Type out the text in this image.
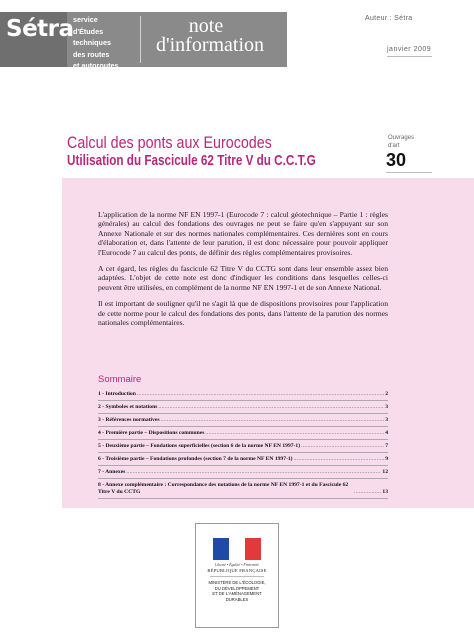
Sétra service d'Études
techniques
des routes
et autoroutes
note
d'information
Auteur : Sétra
janvier 2009
Ouvrages
d'art
30
Calcul des ponts aux Eurocodes
Utilisation du Fascicule 62 Titre V du C.C.T.G

L'application de la norme NF EN 1997-1 (Eurocode 7 : calcul géotechnique – Partie 1 : règles générales) au calcul des fondations des ouvrages ne peut se faire qu'en s'appuyant sur son Annexe Nationale et sur des normes nationales complémentaires. Ces dernières sont en cours d'élaboration et, dans l'attente de leur parution, il est donc nécessaire pour pouvoir appliquer l'Eurocode 7 au calcul des ponts, de définir des règles complémentaires provisoires.

A cet égard, les règles du fascicule 62 Titre V du CCTG sont dans leur ensemble assez bien adaptées. L'objet de cette note est donc d'indiquer les conditions dans lesquelles celles-ci peuvent être utilisées, en complément de la norme NF EN 1997-1 et de son Annexe National.

Il est important de souligner qu'il ne s'agit là que de dispositions provisoires pour l'application de cette norme pour le calcul des fondations des ponts, dans l'attente de la parution des normes nationales complémentaires.

Sommaire
1 - Introduction .....	2
2 - Symboles et notations .....	3
3 - Références normatives .....	3
4 - Première partie – Dispositions communes .....	4
5 - Deuxième partie – Fondations superficielles (section 6 de la norme NF EN 1997-1) .....	7
6 - Troisième partie – Fondations profondes (section 7 de la norme NF EN 1997-1) .....	9
7 - Annexes .....	12
8 - Annexe complémentaire : Correspondance des notations de la norme NF EN 1997-1 et du Fascicule 62 Titre V du CCTG .....	13
Liberté • Égalité • Fraternité
RÉPUBLIQUE FRANÇAISE
MINISTÈRE DE L'ÉCOLOGIE,
DU DÉVELOPPEMENT
ET DE L'AMÉNAGEMENT
DURABLES
